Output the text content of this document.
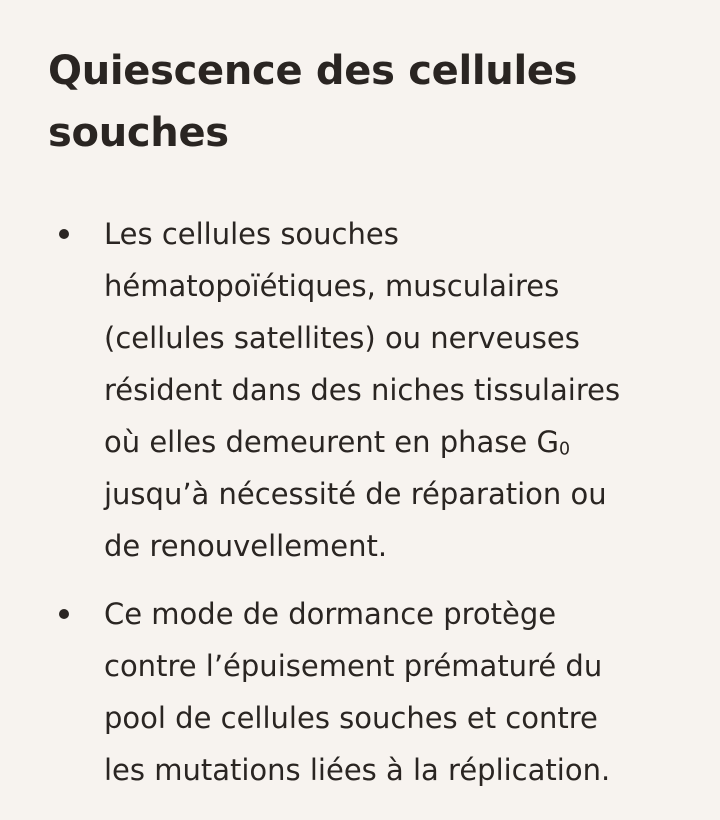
Quiescence des cellules
souches
Les cellules souches
hématopoïétiques, musculaires
(cellules satellites) ou nerveuses
résident dans des niches tissulaires
où elles demeurent en phase $G_0$
jusqu’à nécessité de réparation ou
de renouvellement.
Ce mode de dormance protège
contre l’épuisement prématuré du
pool de cellules souches et contre
les mutations liées à la réplication.
